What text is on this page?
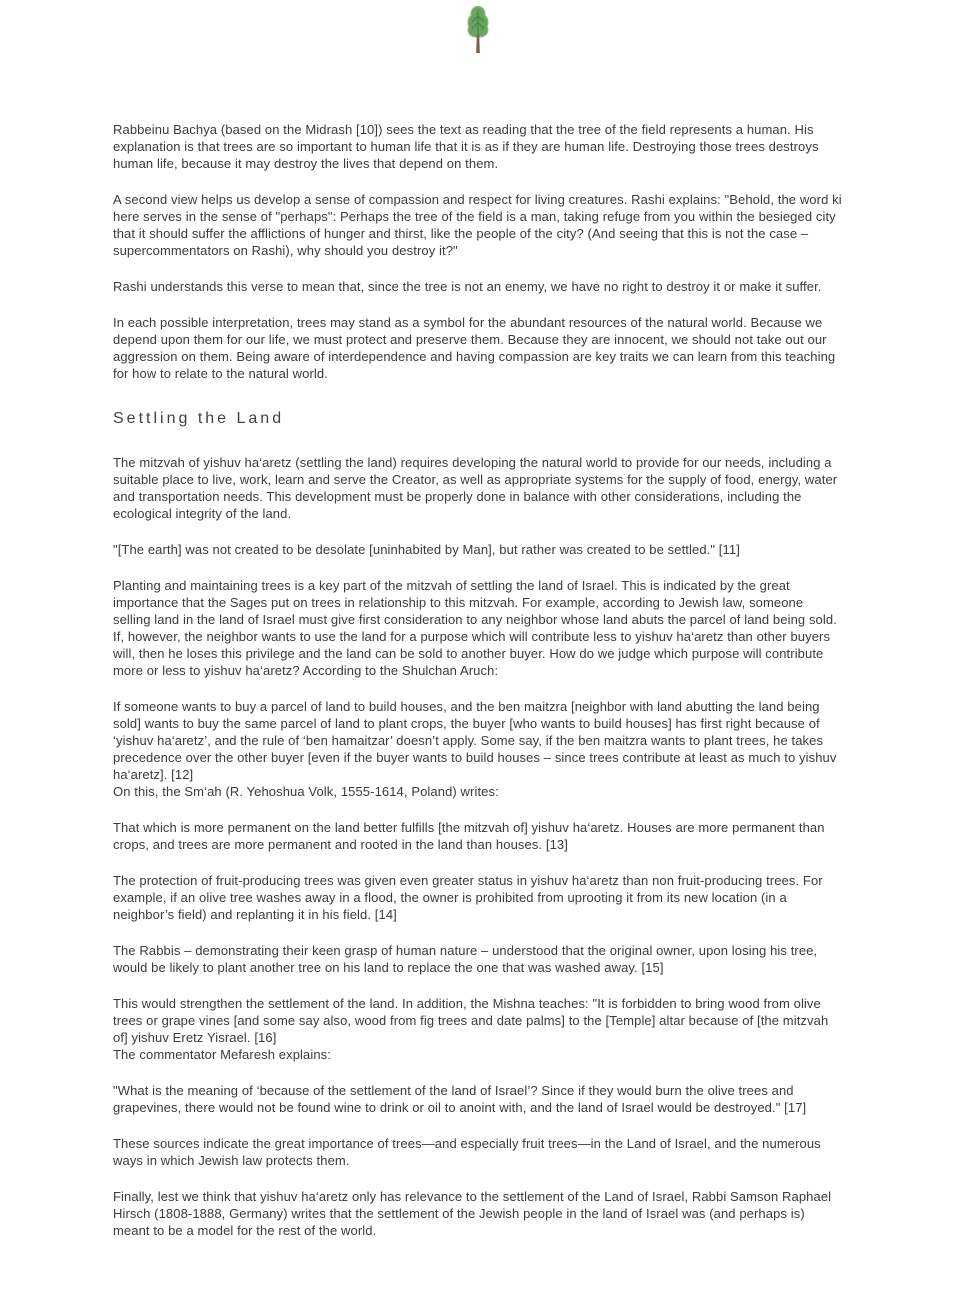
Rabbeinu Bachya (based on the Midrash [10]) sees the text as reading that the tree of the field represents a human. His explanation is that trees are so important to human life that it is as if they are human life. Destroying those trees destroys human life, because it may destroy the lives that depend on them.

A second view helps us develop a sense of compassion and respect for living creatures. Rashi explains: "Behold, the word ki here serves in the sense of "perhaps": Perhaps the tree of the field is a man, taking refuge from you within the besieged city that it should suffer the afflictions of hunger and thirst, like the people of the city? (And seeing that this is not the case – supercommentators on Rashi), why should you destroy it?"

Rashi understands this verse to mean that, since the tree is not an enemy, we have no right to destroy it or make it suffer.

In each possible interpretation, trees may stand as a symbol for the abundant resources of the natural world. Because we depend upon them for our life, we must protect and preserve them. Because they are innocent, we should not take out our aggression on them. Being aware of interdependence and having compassion are key traits we can learn from this teaching for how to relate to the natural world.

Settling the Land

The mitzvah of yishuv ha‘aretz (settling the land) requires developing the natural world to provide for our needs, including a suitable place to live, work, learn and serve the Creator, as well as appropriate systems for the supply of food, energy, water and transportation needs. This development must be properly done in balance with other considerations, including the ecological integrity of the land.

"[The earth] was not created to be desolate [uninhabited by Man], but rather was created to be settled." [11]

Planting and maintaining trees is a key part of the mitzvah of settling the land of Israel. This is indicated by the great importance that the Sages put on trees in relationship to this mitzvah. For example, according to Jewish law, someone selling land in the land of Israel must give first consideration to any neighbor whose land abuts the parcel of land being sold. If, however, the neighbor wants to use the land for a purpose which will contribute less to yishuv ha‘aretz than other buyers will, then he loses this privilege and the land can be sold to another buyer. How do we judge which purpose will contribute more or less to yishuv ha‘aretz? According to the Shulchan Aruch:

If someone wants to buy a parcel of land to build houses, and the ben maitzra [neighbor with land abutting the land being sold] wants to buy the same parcel of land to plant crops, the buyer [who wants to build houses] has first right because of ‘yishuv ha‘aretz’, and the rule of ‘ben hamaitzar’ doesn’t apply. Some say, if the ben maitzra wants to plant trees, he takes precedence over the other buyer [even if the buyer wants to build houses – since trees contribute at least as much to yishuv ha‘aretz]. [12]

On this, the Sm‘ah (R. Yehoshua Volk, 1555-1614, Poland) writes:

That which is more permanent on the land better fulfills [the mitzvah of] yishuv ha‘aretz. Houses are more permanent than crops, and trees are more permanent and rooted in the land than houses. [13]

The protection of fruit-producing trees was given even greater status in yishuv ha‘aretz than non fruit-producing trees. For example, if an olive tree washes away in a flood, the owner is prohibited from uprooting it from its new location (in a neighbor’s field) and replanting it in his field. [14]

The Rabbis – demonstrating their keen grasp of human nature – understood that the original owner, upon losing his tree, would be likely to plant another tree on his land to replace the one that was washed away. [15]

This would strengthen the settlement of the land. In addition, the Mishna teaches: "It is forbidden to bring wood from olive trees or grape vines [and some say also, wood from fig trees and date palms] to the [Temple] altar because of [the mitzvah of] yishuv Eretz Yisrael. [16]

The commentator Mefaresh explains:

"What is the meaning of ‘because of the settlement of the land of Israel’? Since if they would burn the olive trees and grapevines, there would not be found wine to drink or oil to anoint with, and the land of Israel would be destroyed." [17]

These sources indicate the great importance of trees—and especially fruit trees—in the Land of Israel, and the numerous ways in which Jewish law protects them.

Finally, lest we think that yishuv ha‘aretz only has relevance to the settlement of the Land of Israel, Rabbi Samson Raphael Hirsch (1808-1888, Germany) writes that the settlement of the Jewish people in the land of Israel was (and perhaps is) meant to be a model for the rest of the world.
